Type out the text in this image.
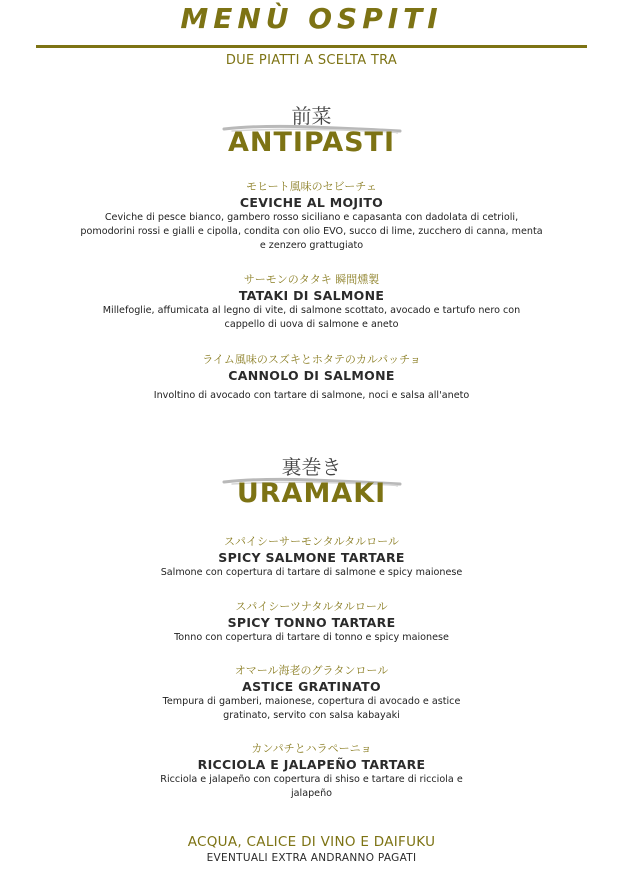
MENÙ OSPITI
DUE PIATTI A SCELTA TRA
前菜
ANTIPASTI
モヒート風味のセビーチェ
CEVICHE AL MOJITO
Ceviche di pesce bianco, gambero rosso siciliano e capasanta con dadolata di cetrioli, pomodorini rossi e gialli e cipolla, condita con olio EVO, succo di lime, zucchero di canna, menta e zenzero grattugiato
サーモンのタタキ 瞬間燻製
TATAKI DI SALMONE
Millefoglie, affumicata al legno di vite, di salmone scottato, avocado e tartufo nero con cappello di uova di salmone e aneto
ライム風味のスズキとホタテのカルパッチョ
CANNOLO DI SALMONE
Involtino di avocado con tartare di salmone, noci e salsa all'aneto
裏巻き
URAMAKI
スパイシーサーモンタルタルロール
SPICY SALMONE TARTARE
Salmone con copertura di tartare di salmone e spicy maionese
スパイシーツナタルタルロール
SPICY TONNO TARTARE
Tonno con copertura di tartare di tonno e spicy maionese
オマール海老のグラタンロール
ASTICE GRATINATO
Tempura di gamberi, maionese, copertura di avocado e astice gratinato, servito con salsa kabayaki
カンパチとハラペーニョ
RICCIOLA E JALAPEÑO TARTARE
Ricciola e jalapeño con copertura di shiso e tartare di ricciola e jalapeño
ACQUA, CALICE DI VINO E DAIFUKU
EVENTUALI EXTRA ANDRANNO PAGATI
